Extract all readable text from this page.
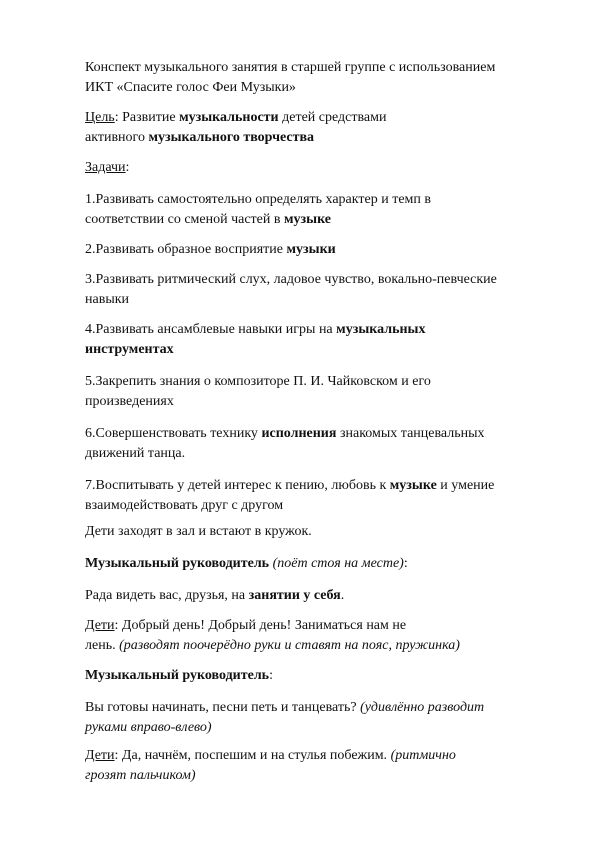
Конспект музыкального занятия в старшей группе с использованием
ИКТ «Спасите голос Феи Музыки»
Цель: Развитие музыкальности детей средствами
активного музыкального творчества
Задачи:
1.Развивать самостоятельно определять характер и темп в
соответствии со сменой частей в музыке
2.Развивать образное восприятие музыки
3.Развивать ритмический слух, ладовое чувство, вокально-певческие
навыки
4.Развивать ансамблевые навыки игры на музыкальных
инструментах
5.Закрепить знания о композиторе П. И. Чайковском и его
произведениях
6.Совершенствовать технику исполнения знакомых танцевальных
движений танца.
7.Воспитывать у детей интерес к пению, любовь к музыке и умение
взаимодействовать друг с другом
Дети заходят в зал и встают в кружок.
Музыкальный руководитель (поёт стоя на месте):
Рада видеть вас, друзья, на занятии у себя.
Дети: Добрый день! Добрый день! Заниматься нам не
лень. (разводят поочерёдно руки и ставят на пояс, пружинка)
Музыкальный руководитель:
Вы готовы начинать, песни петь и танцевать? (удивлённо разводит
руками вправо-влево)
Дети: Да, начнём, поспешим и на стулья побежим. (ритмично
грозят пальчиком)
